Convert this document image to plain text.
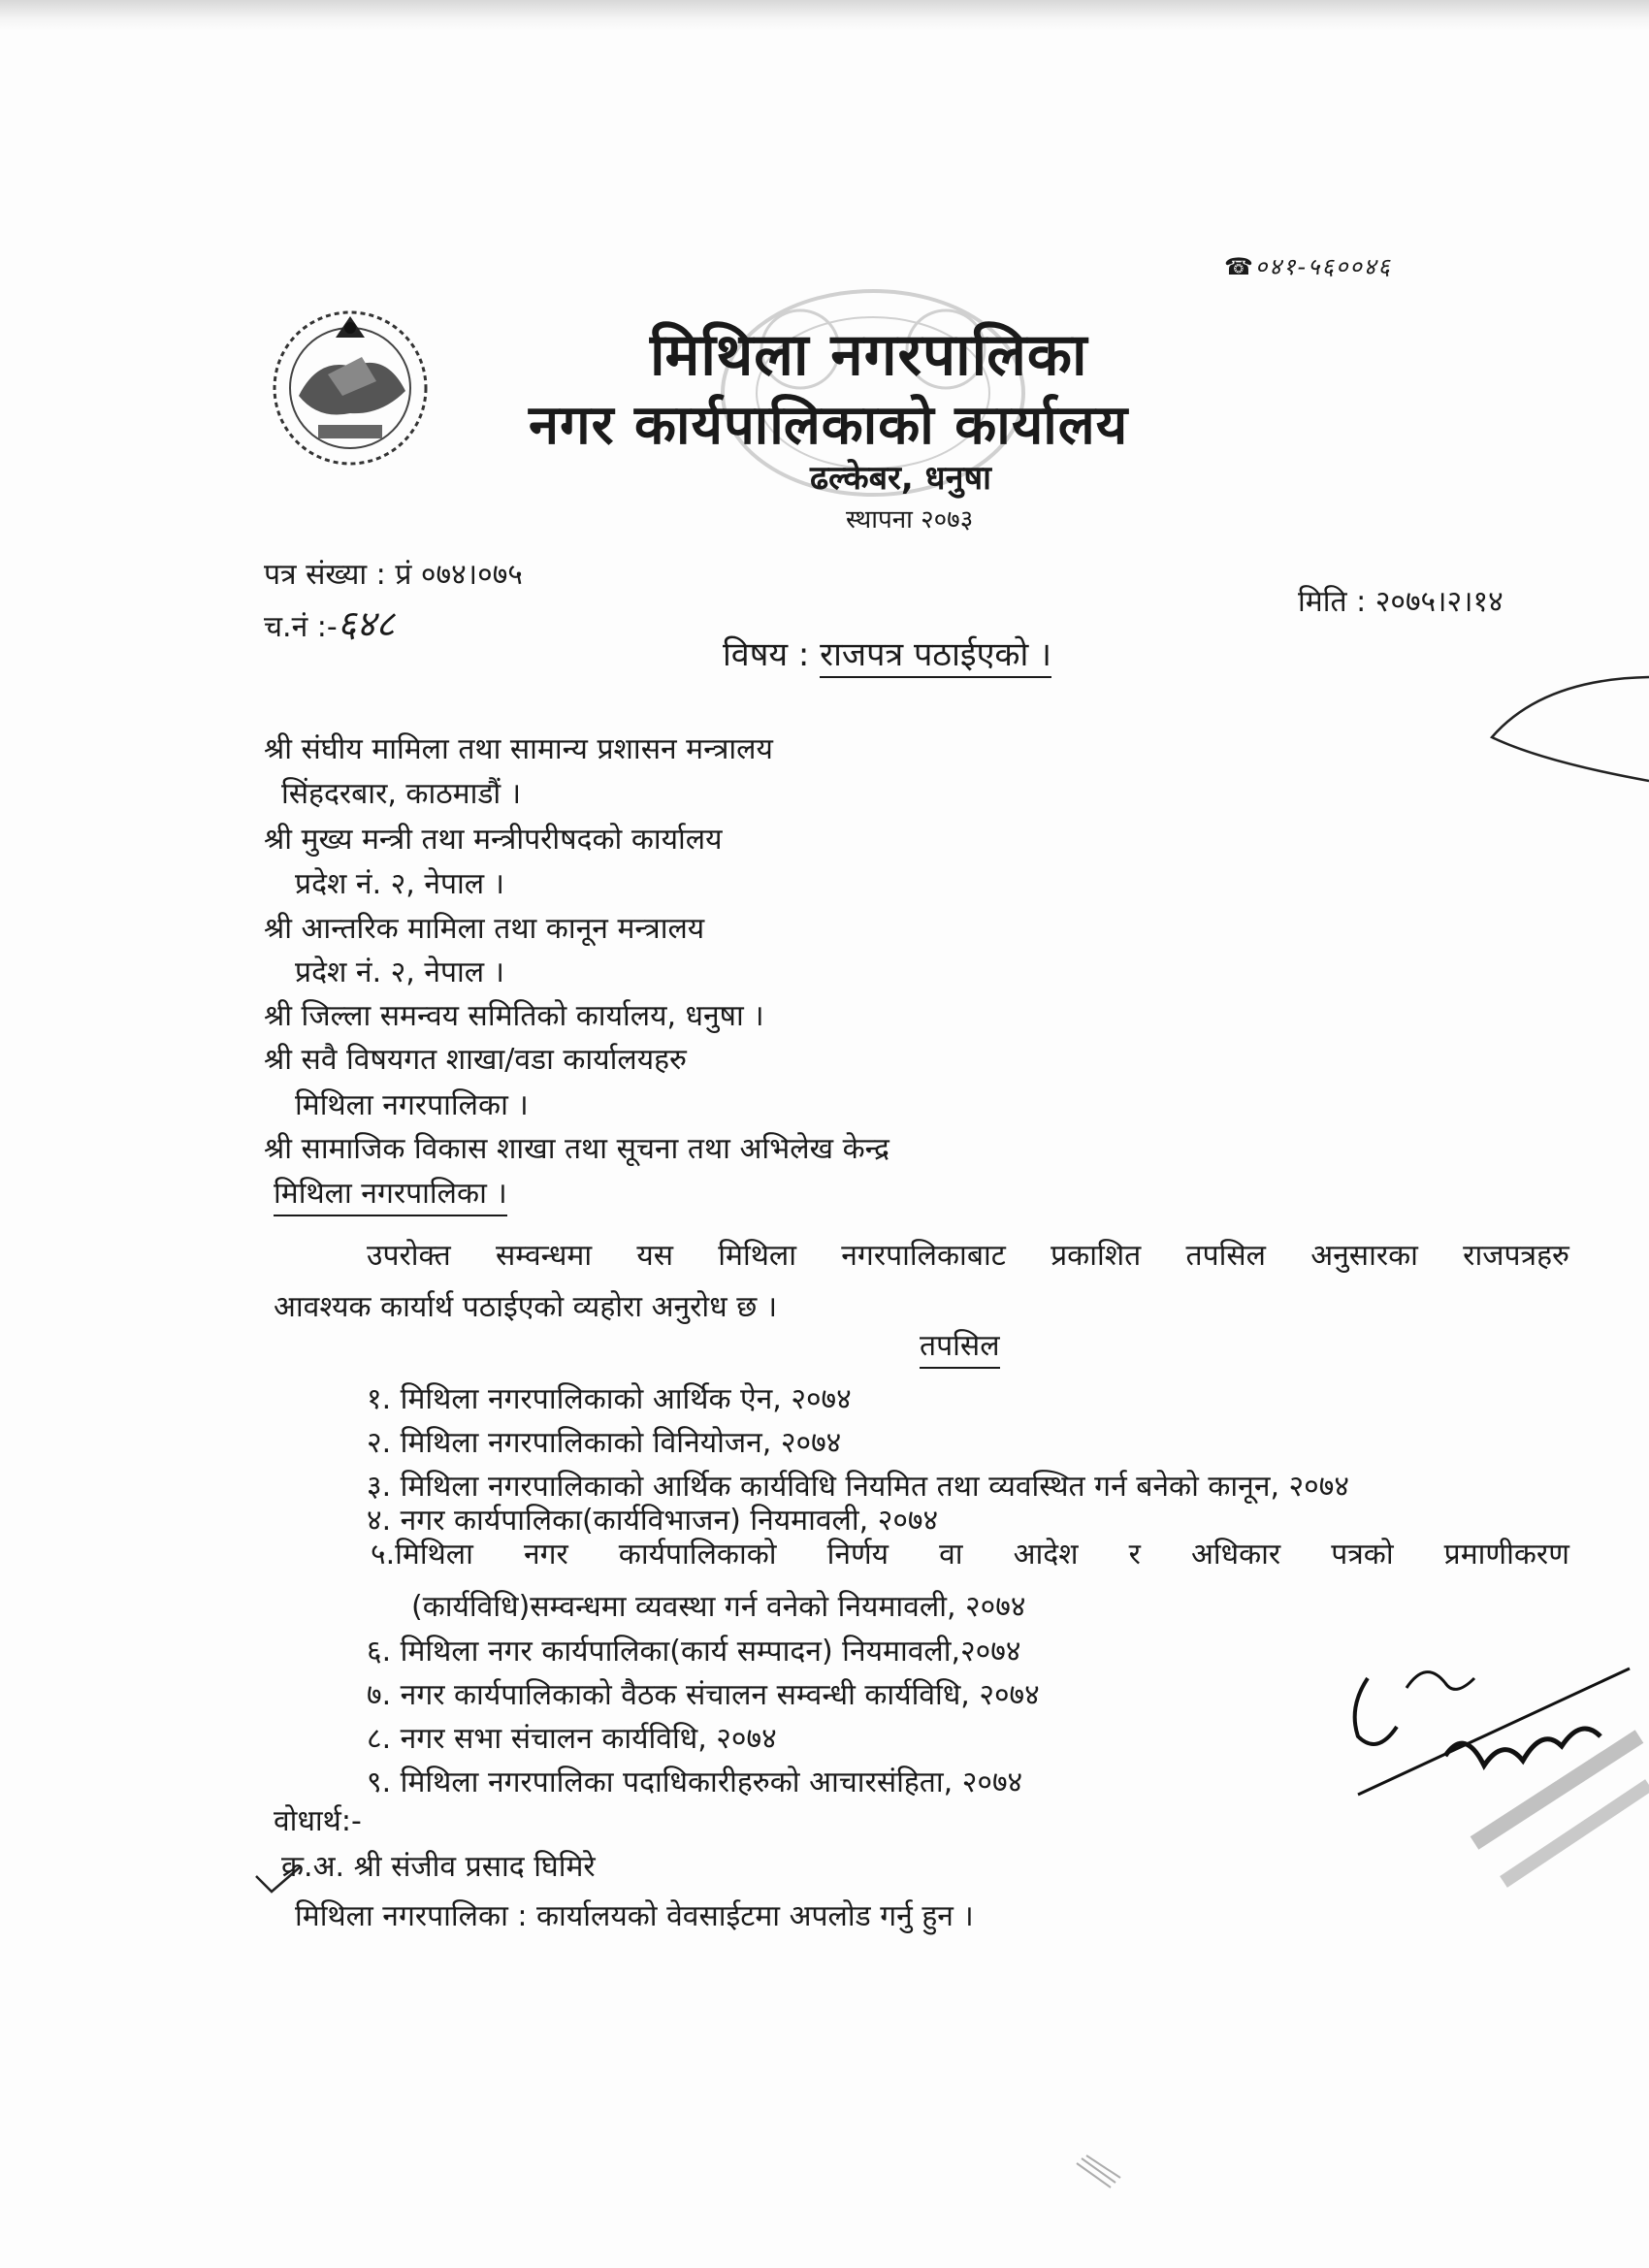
☎०४१-५६००४६
मिथिला नगरपालिका
नगर कार्यपालिकाको कार्यालय
ढल्केबर, धनुषा
स्थापना २०७३
पत्र संख्या : प्रं ०७४।०७५
च.नं :-६४८
मिति : २०७५।२।१४
विषय : राजपत्र पठाईएको ।
श्री संघीय मामिला तथा सामान्य प्रशासन मन्त्रालय
सिंहदरबार, काठमाडौं ।
श्री मुख्य मन्त्री तथा मन्त्रीपरीषदको कार्यालय
प्रदेश नं. २, नेपाल ।
श्री आन्तरिक मामिला तथा कानून मन्त्रालय
प्रदेश नं. २, नेपाल ।
श्री जिल्ला समन्वय समितिको कार्यालय, धनुषा ।
श्री सवै विषयगत शाखा/वडा कार्यालयहरु
मिथिला नगरपालिका ।
श्री सामाजिक विकास शाखा तथा सूचना तथा अभिलेख केन्द्र
मिथिला नगरपालिका ।
उपरोक्त सम्वन्धमा यस मिथिला नगरपालिकाबाट प्रकाशित तपसिल अनुसारका राजपत्रहरु
आवश्यक कार्यार्थ पठाईएको व्यहोरा अनुरोध छ ।
तपसिल
१. मिथिला नगरपालिकाको आर्थिक ऐन, २०७४
२. मिथिला नगरपालिकाको विनियोजन, २०७४
३. मिथिला नगरपालिकाको आर्थिक कार्यविधि नियमित तथा व्यवस्थित गर्न बनेको कानून, २०७४
४. नगर कार्यपालिका(कार्यविभाजन) नियमावली, २०७४
५.मिथिला नगर कार्यपालिकाको निर्णय वा आदेश र अधिकार पत्रको प्रमाणीकरण
(कार्यविधि)सम्वन्धमा व्यवस्था गर्न वनेको नियमावली, २०७४
६. मिथिला नगर कार्यपालिका(कार्य सम्पादन) नियमावली,२०७४
७. नगर कार्यपालिकाको वैठक संचालन सम्वन्धी कार्यविधि, २०७४
८. नगर सभा संचालन कार्यविधि, २०७४
९. मिथिला नगरपालिका पदाधिकारीहरुको आचारसंहिता, २०७४
वोधार्थ:-
क्र.अ. श्री संजीव प्रसाद घिमिरे
मिथिला नगरपालिका : कार्यालयको वेवसाईटमा अपलोड गर्नु हुन ।
